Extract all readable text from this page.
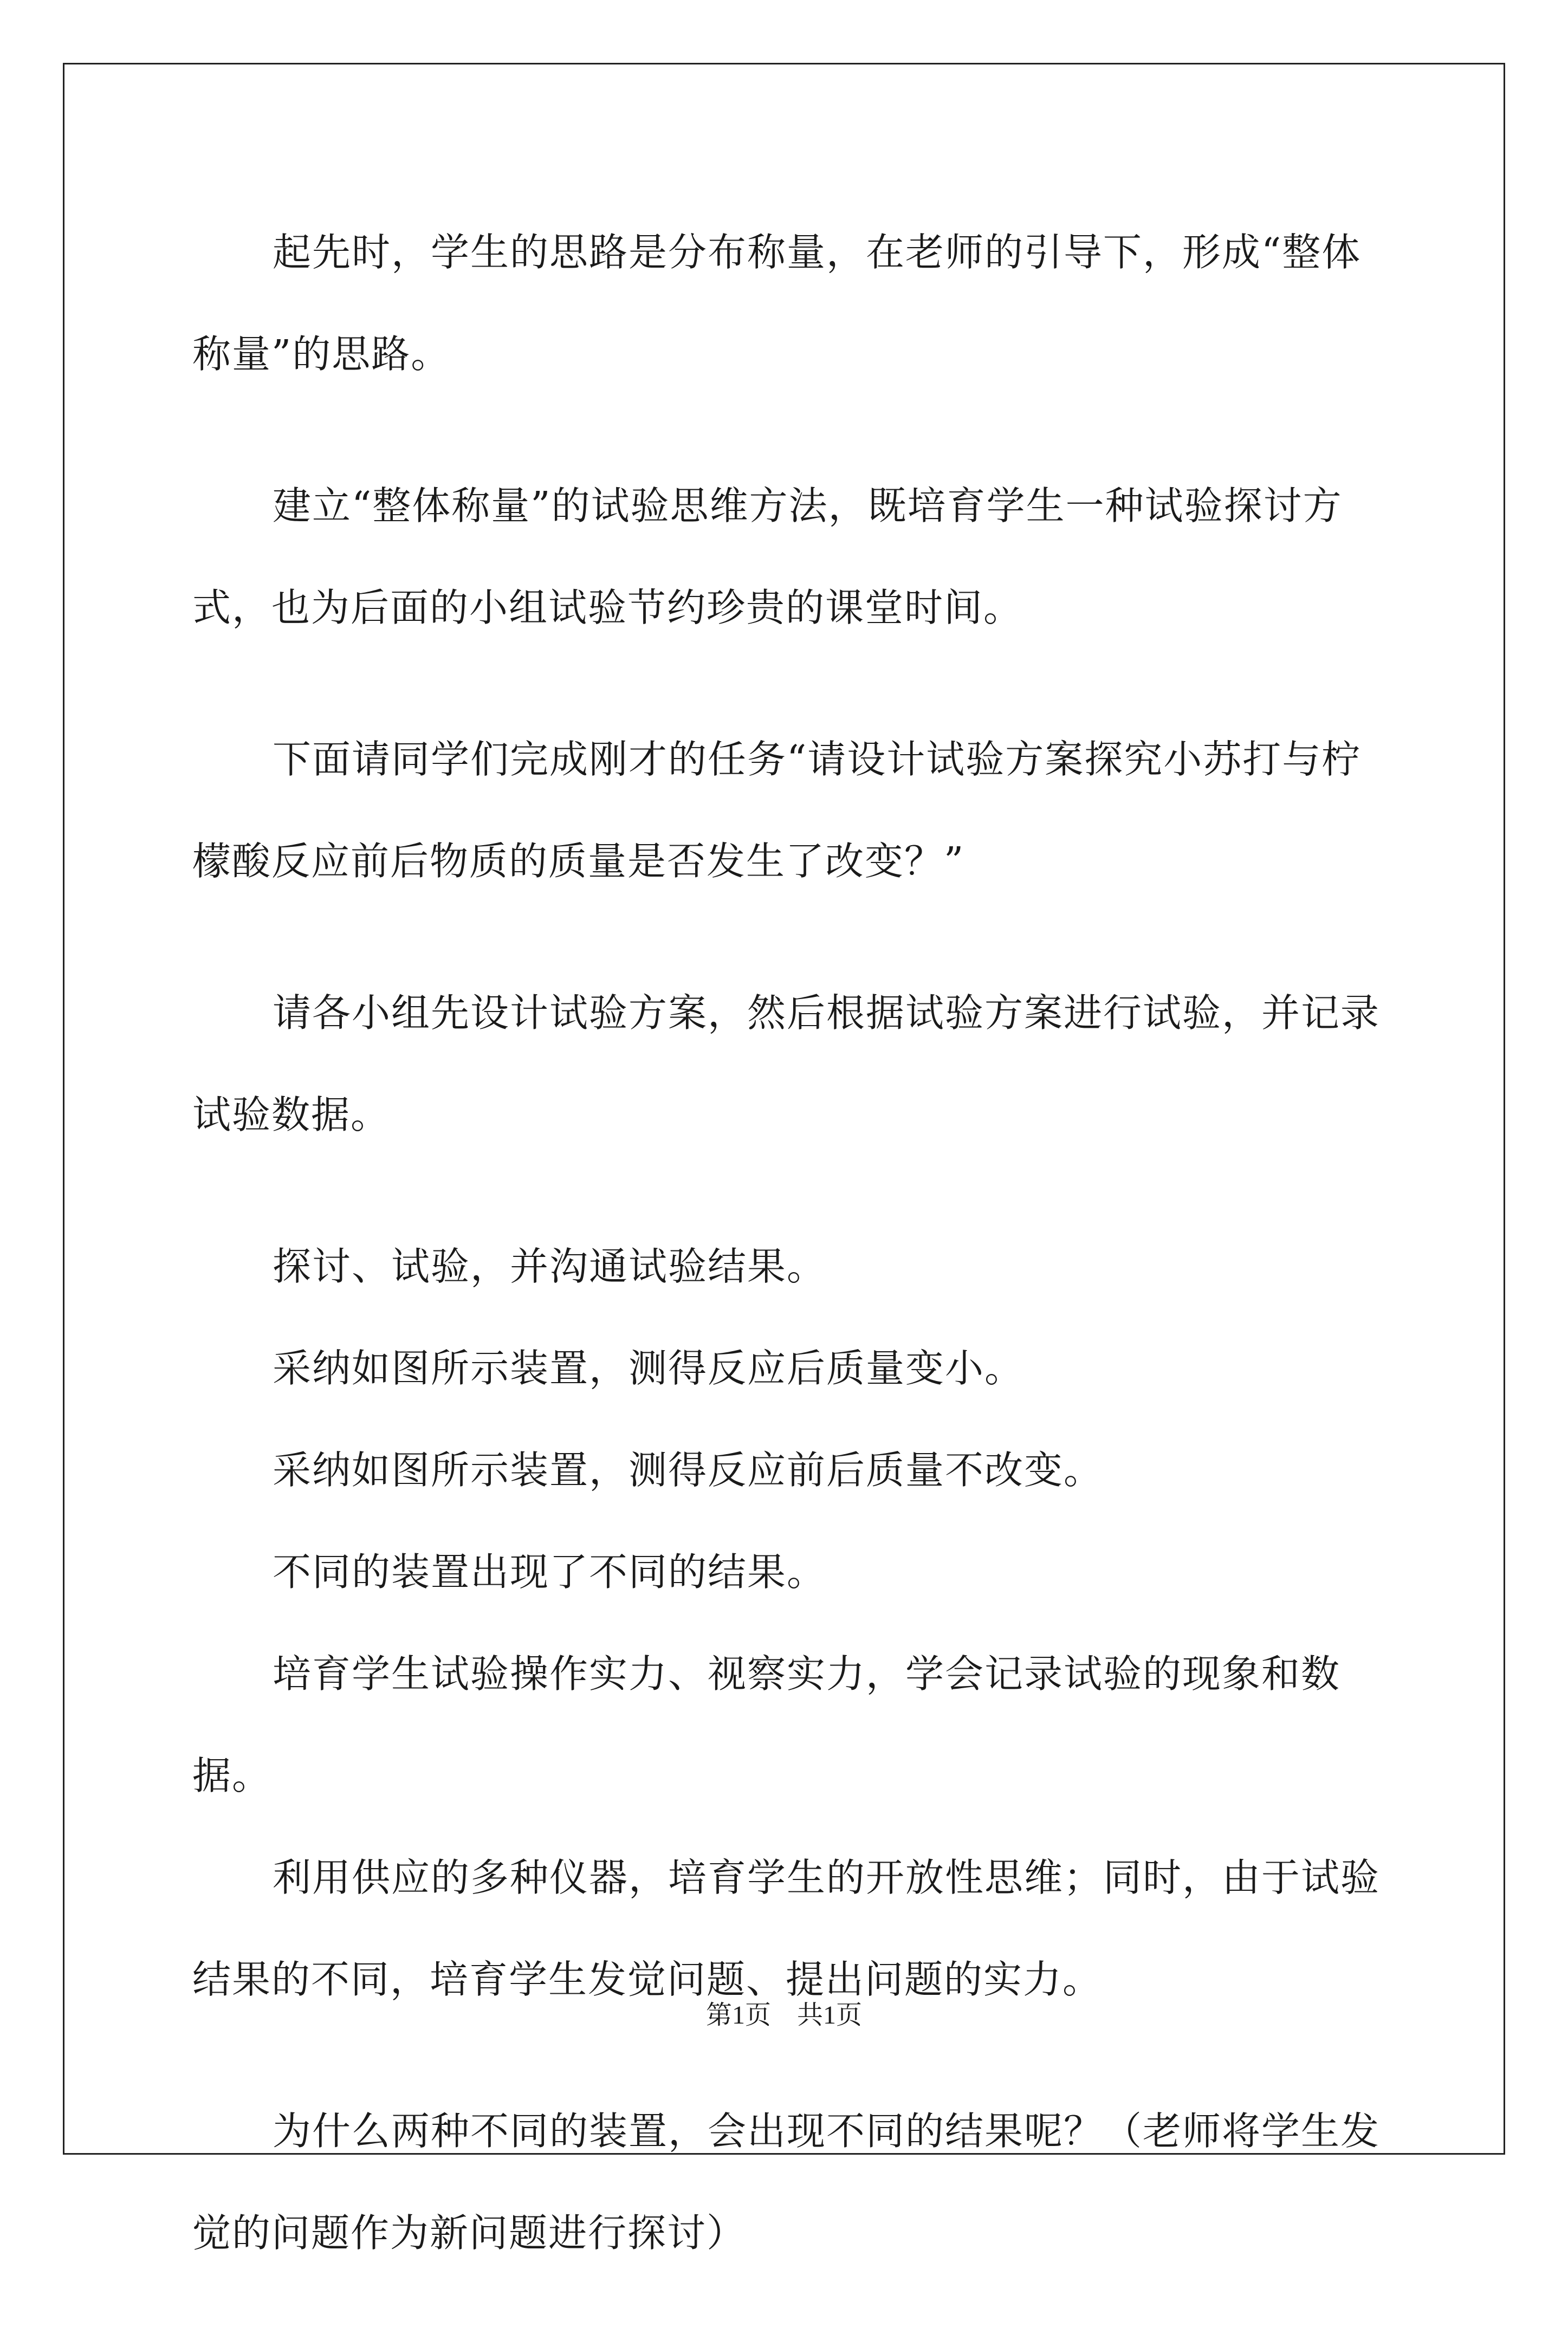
起先时，学生的思路是分布称量，在老师的引导下，形成“整体称量”的思路。

建立“整体称量”的试验思维方法，既培育学生一种试验探讨方式，也为后面的小组试验节约珍贵的课堂时间。

下面请同学们完成刚才的任务“请设计试验方案探究小苏打与柠檬酸反应前后物质的质量是否发生了改变？”

请各小组先设计试验方案，然后根据试验方案进行试验，并记录试验数据。

探讨、试验，并沟通试验结果。

采纳如图所示装置，测得反应后质量变小。

采纳如图所示装置，测得反应前后质量不改变。

不同的装置出现了不同的结果。

培育学生试验操作实力、视察实力，学会记录试验的现象和数据。

利用供应的多种仪器，培育学生的开放性思维；同时，由于试验结果的不同，培育学生发觉问题、提出问题的实力。

为什么两种不同的装置，会出现不同的结果呢？（老师将学生发觉的问题作为新问题进行探讨）

第1页　共1页
